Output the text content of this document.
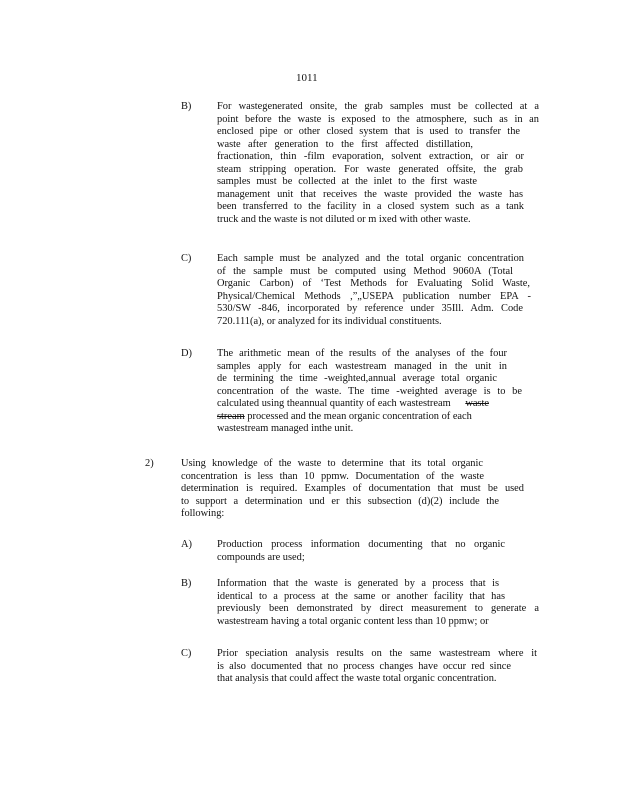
1011
B) For wastegenerated onsite, the grab samples must be collected at a
point before the waste is exposed to the atmosphere, such as in an
enclosed pipe or other closed system that is used to transfer the
waste after generation to the first affected distillation,
fractionation, thin -film evaporation, solvent extraction, or air or
steam stripping operation. For waste generated offsite, the grab
samples must be collected at the inlet to the first waste
management unit that receives the waste provided the waste has
been transferred to the facility in a closed system such as a tank
truck and the waste is not diluted or m ixed with other waste.
C) Each sample must be analyzed and the total organic concentration
of the sample must be computed using Method 9060A (Total
Organic Carbon) of ‘Test Methods for Evaluating Solid Waste,
Physical/Chemical Methods ,”„USEPA publication number EPA -
530/SW -846, incorporated by reference under 35Ill. Adm. Code
720.111(a), or analyzed for its individual constituents.
D) The arithmetic mean of the results of the analyses of the four
samples apply for each wastestream managed in the unit in
de termining the time -weighted,annual average total organic
concentration of the waste. The time -weighted average is to be
calculated using theannual quantity of each wastestream waste
stream processed and the mean organic concentration of each
wastestream managed inthe unit.
2)	Using knowledge of the waste to determine that its total organic
concentration is less than 10 ppmw. Documentation of the waste
determination is required. Examples of documentation that must be used
to support a determination und er this subsection (d)(2) include the
following:
A) Production process information documenting that no organic
compounds are used;
B) Information that the waste is generated by a process that is
identical to a process at the same or another facility that has
previously been demonstrated by direct measurement to generate a
wastestream having a total organic content less than 10 ppmw; or
C) Prior speciation analysis results on the same wastestream where it
is also documented that no process changes have occur red since
that analysis that could affect the waste total organic concentration.
